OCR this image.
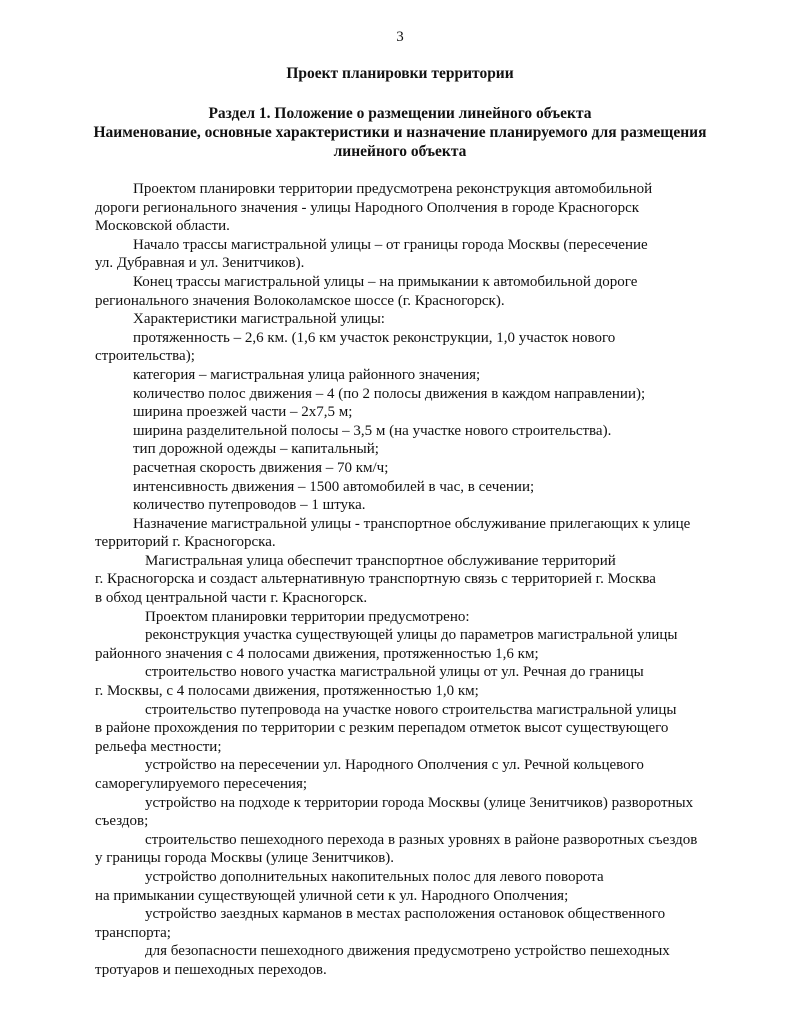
3
Проект планировки территории
Раздел 1. Положение о размещении линейного объекта
Наименование, основные характеристики и назначение планируемого для размещения
линейного объекта
Проектом планировки территории предусмотрена реконструкция автомобильной
дороги регионального значения - улицы Народного Ополчения в городе Красногорск
Московской области.
Начало трассы магистральной улицы – от границы города Москвы (пересечение
ул. Дубравная и ул. Зенитчиков).
Конец трассы магистральной улицы – на примыкании к автомобильной дороге
регионального значения Волоколамское шоссе (г. Красногорск).
Характеристики магистральной улицы:
протяженность – 2,6 км. (1,6 км участок реконструкции, 1,0 участок нового
строительства);
категория – магистральная улица районного значения;
количество полос движения – 4 (по 2 полосы движения в каждом направлении);
ширина проезжей части – 2х7,5 м;
ширина разделительной полосы – 3,5 м (на участке нового строительства).
тип дорожной одежды – капитальный;
расчетная скорость движения – 70 км/ч;
интенсивность движения – 1500 автомобилей в час, в сечении;
количество путепроводов – 1 штука.
Назначение магистральной улицы - транспортное обслуживание прилегающих к улице
территорий г. Красногорска.
Магистральная улица обеспечит транспортное обслуживание территорий
г. Красногорска и создаст альтернативную транспортную связь с территорией г. Москва
в обход центральной части г. Красногорск.
Проектом планировки территории предусмотрено:
реконструкция участка существующей улицы до параметров магистральной улицы
районного значения с 4 полосами движения, протяженностью 1,6 км;
строительство нового участка магистральной улицы от ул. Речная до границы
г. Москвы, с 4 полосами движения, протяженностью 1,0 км;
строительство путепровода на участке нового строительства магистральной улицы
в районе прохождения по территории с резким перепадом отметок высот существующего
рельефа местности;
устройство на пересечении ул. Народного Ополчения с ул. Речной кольцевого
саморегулируемого пересечения;
устройство на подходе к территории города Москвы (улице Зенитчиков) разворотных
съездов;
строительство пешеходного перехода в разных уровнях в районе разворотных съездов
у границы города Москвы (улице Зенитчиков).
устройство дополнительных накопительных полос для левого поворота
на примыкании существующей уличной сети к ул. Народного Ополчения;
устройство заездных карманов в местах расположения остановок общественного
транспорта;
для безопасности пешеходного движения предусмотрено устройство пешеходных
тротуаров и пешеходных переходов.
